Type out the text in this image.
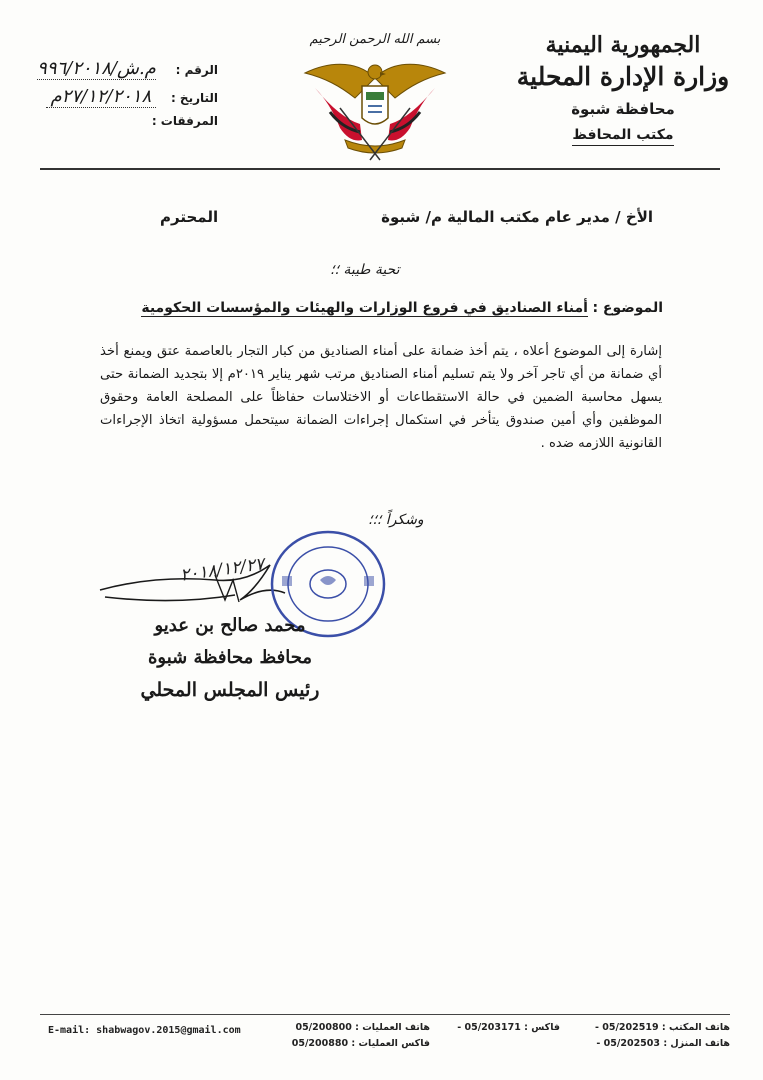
الجمهورية اليمنية
وزارة الإدارة المحلية
محافظة شبوة
مكتب المحافظ
بسم الله الرحمن الرحيم
الرقم : م.ش/٩٩٦/٢٠١٨
التاريخ : ٢٧/١٢/٢٠١٨م
المرفقات :
الأخ / مدير عام مكتب المالية م/ شبوة
المحترم
تحية طيبة ؛؛
الموضوع : أمناء الصناديق في فروع الوزارات والهيئات والمؤسسات الحكومية
إشارة إلى الموضوع أعلاه ، يتم أخذ ضمانة على أمناء الصناديق من كبار التجار بالعاصمة عتق ويمنع أخذ أي ضمانة من أي تاجر آخر ولا يتم تسليم أمناء الصناديق مرتب شهر يناير ٢٠١٩م إلا بتجديد الضمانة حتى يسهل محاسبة الضمين في حالة الاستقطاعات أو الاختلاسات حفاظاً على المصلحة العامة وحقوق الموظفين وأي أمين صندوق يتأخر في استكمال إجراءات الضمانة سيتحمل مسؤولية اتخاذ الإجراءات القانونية اللازمه ضده .
وشكراً ؛؛؛
٢٠١٨/١٢/٢٧
محمد صالح بن عديو
محافظ محافظة شبوة
رئيس المجلس المحلي
E-mail: shabwagov.2015@gmail.com	هاتف المكتب : 05/202519 -
هاتف المنزل : 05/202503 -
فاكس : 05/203171 -
هاتف العمليات : 05/200800
فاكس العمليات : 05/200880
